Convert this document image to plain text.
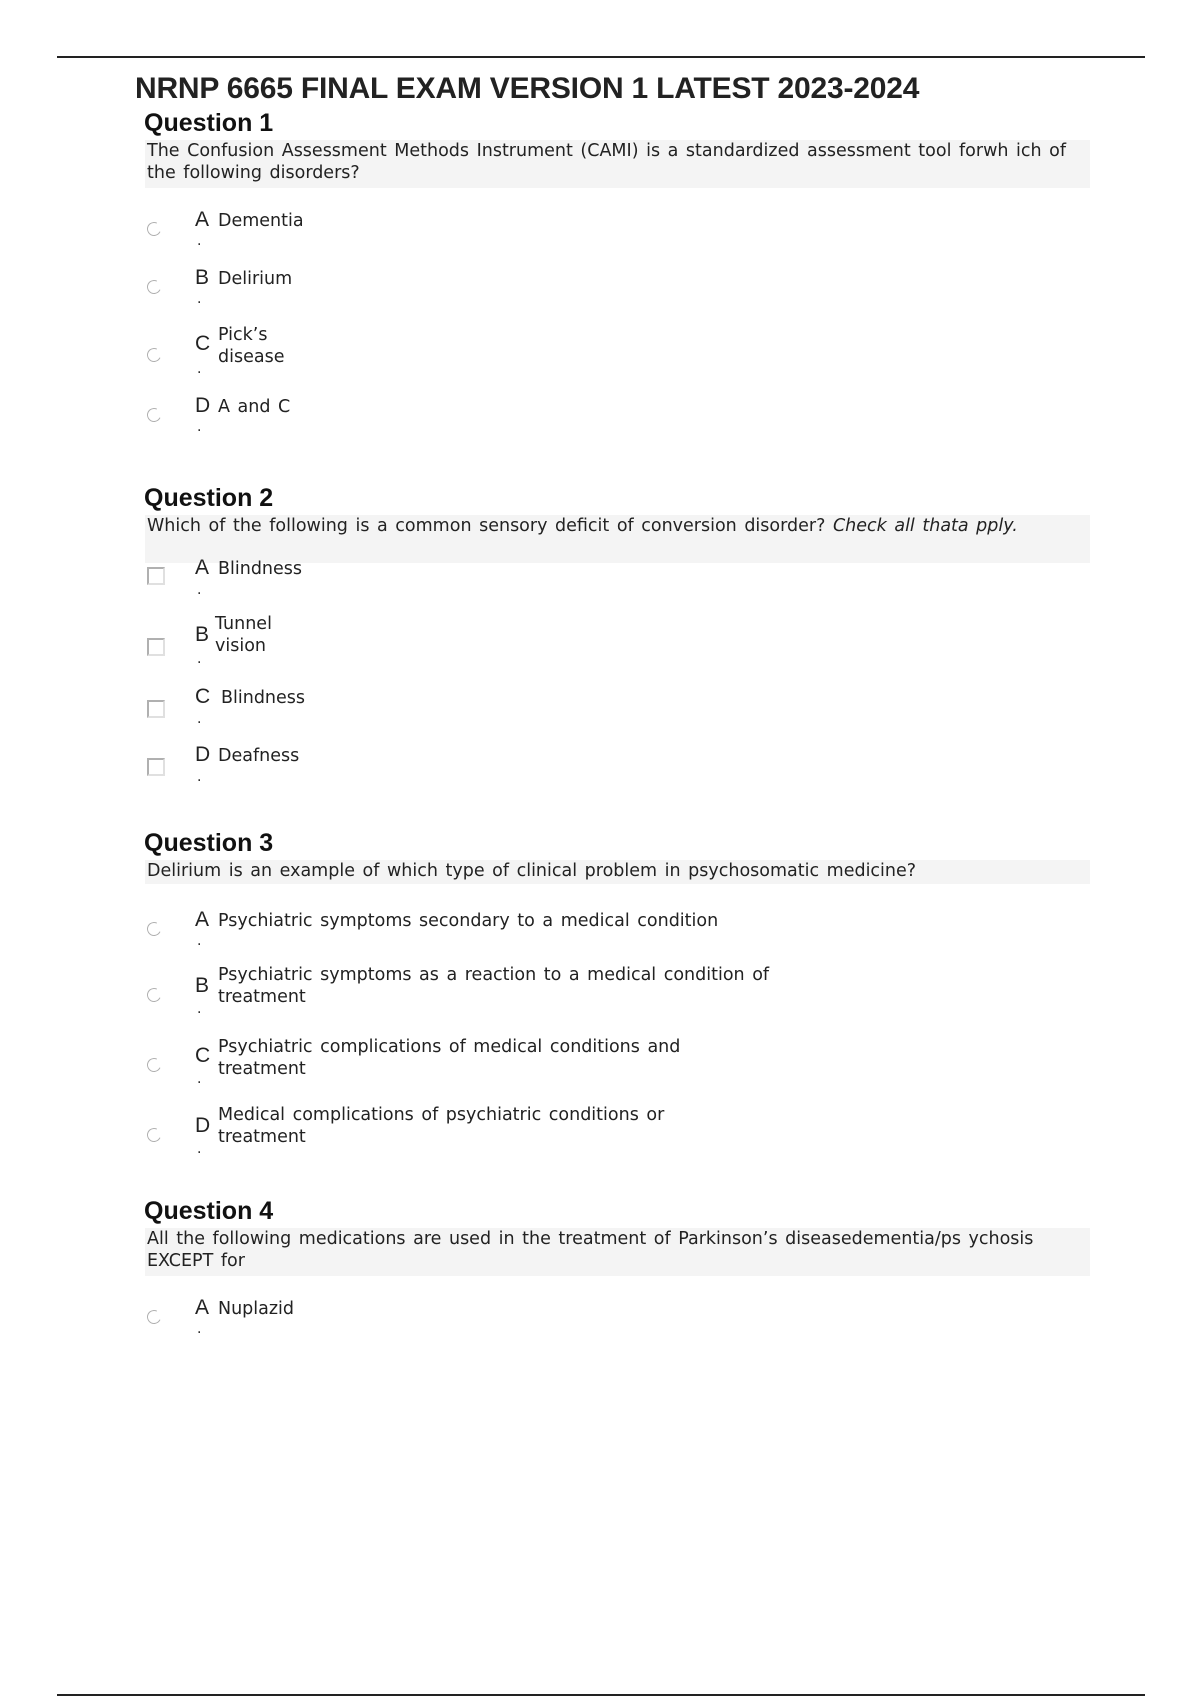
NRNP 6665 FINAL EXAM VERSION 1 LATEST 2023-2024
Question 1
The Confusion Assessment Methods Instrument (CAMI) is a standardized assessment tool forwh ich of the following disorders?
A
.
Dementia
B
.
Delirium
C
.
Pick’s disease
D
.
A and C
Question 2
Which of the following is a common sensory deficit of conversion disorder? Check all thata pply.
A
.
Blindness
B
.
Tunnel vision
C
.
Blindness
D
.
Deafness
Question 3
Delirium is an example of which type of clinical problem in psychosomatic medicine?
A
.
Psychiatric symptoms secondary to a medical condition
B
.
Psychiatric symptoms as a reaction to a medical condition of treatment
C
.
Psychiatric complications of medical conditions and treatment
D
.
Medical complications of psychiatric conditions or treatment
Question 4
All the following medications are used in the treatment of Parkinson’s diseasedementia/ps ychosis EXCEPT for
A
.
Nuplazid
